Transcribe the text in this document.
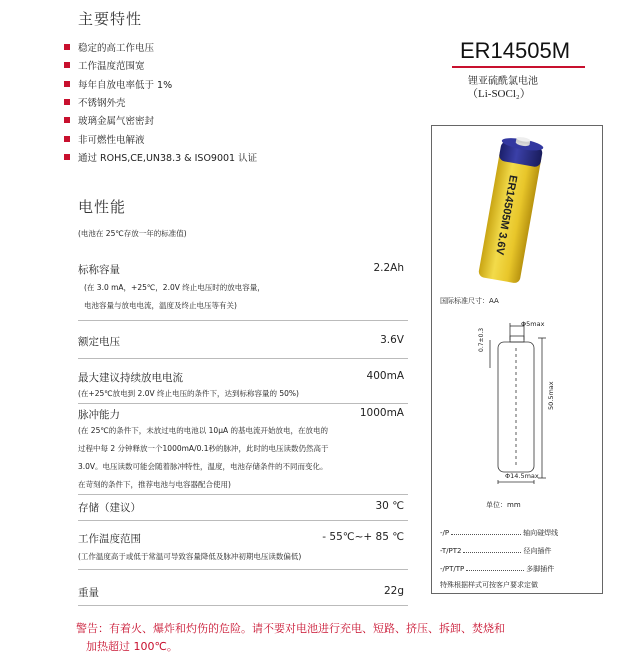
主要特性
稳定的高工作电压
工作温度范围宽
每年自放电率低于 1%
不锈钢外壳
玻璃金属气密密封
非可燃性电解液
通过 ROHS,CE,UN38.3 & ISO9001 认证
电性能
(电池在 25℃存放一年的标准值)
标称容量	2.2Ah
(在 3.0 mA，+25℃，2.0V 终止电压时的放电容量，
电池容量与放电电流，温度及终止电压等有关)
额定电压	3.6V
最大建议持续放电电流	400mA
(在+25℃放电到 2.0V 终止电压的条件下，达到标称容量的 50%)
脉冲能力	1000mA
(在 25℃的条件下，未放过电的电池以 10μA 的基电流开始放电，在放电的
过程中每 2 分钟释放一个1000mA/0.1秒的脉冲，此时的电压读数仍然高于
3.0V。电压读数可能会随着脉冲特性，温度，电池存储条件的不同而变化。
在苛刻的条件下，推荐电池与电容器配合使用)
存储（建议）	30 ℃
工作温度范围	- 55℃~+ 85 ℃
(工作温度高于或低于常温可导致容量降低及脉冲初期电压读数偏低)
重量	22g
警告：有着火、爆炸和灼伤的危险。请不要对电池进行充电、短路、挤压、拆卸、焚烧和
加热超过 100℃。
ER14505M
锂亚硫酰氯电池
（Li-SOCl₂）
ER14505M 3.6V
国际标准尺寸：AA
Φ5max
0.7±0.3
50.5max
Φ14.5max
单位：mm
-/P	轴向碰焊线
-T/PT2	径向插件
-/PT/TP	多脚插件
特殊根据样式可按客户要求定做
